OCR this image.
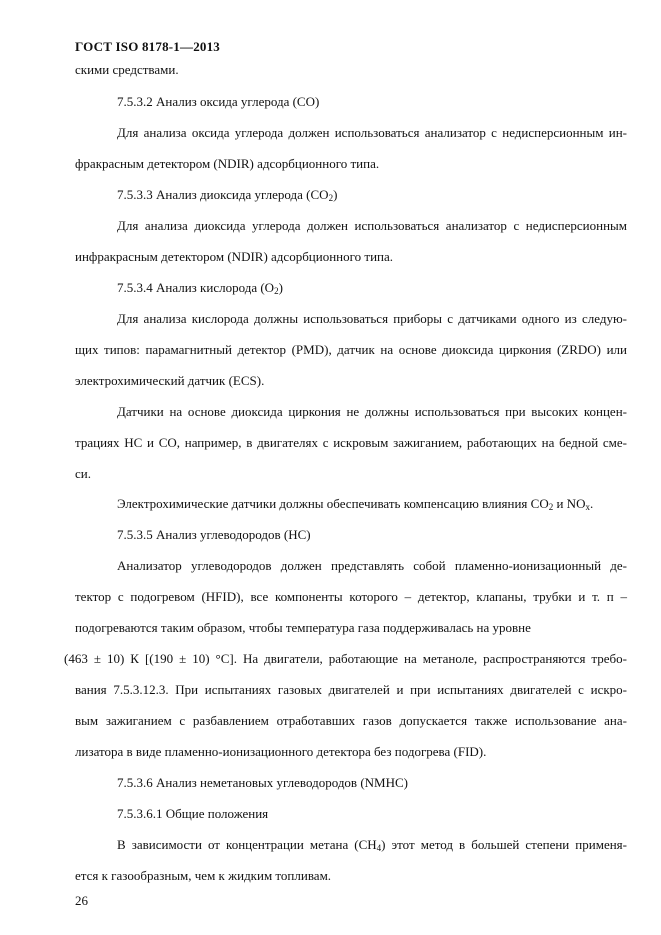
ГОСТ ISO 8178-1—2013
скими средствами.
7.5.3.2 Анализ оксида углерода (CO)
Для анализа оксида углерода должен использоваться анализатор с недисперсионным ин-
фракрасным детектором (NDIR) адсорбционного типа.
7.5.3.3 Анализ диоксида углерода $(CO_2)$
Для анализа диоксида углерода должен использоваться анализатор с недисперсионным
инфракрасным детектором (NDIR) адсорбционного типа.
7.5.3.4 Анализ кислорода $(O_2)$
Для анализа кислорода должны использоваться приборы с датчиками одного из следую-
щих типов: парамагнитный детектор (PMD), датчик на основе диоксида циркония (ZRDO) или
электрохимический датчик (ECS).
Датчики на основе диоксида циркония не должны использоваться при высоких концен-
трациях НС и СО, например, в двигателях с искровым зажиганием, работающих на бедной сме-
си.
Электрохимические датчики должны обеспечивать компенсацию влияния $CO_2$ и $NO_x$.
7.5.3.5 Анализ углеводородов (НС)
Анализатор углеводородов должен представлять собой пламенно-ионизационный де-
тектор с подогревом (HFID), все компоненты которого – детектор, клапаны, трубки и т. п –
подогреваются таким образом, чтобы температура газа поддерживалась на уровне
(463 ± 10) К [(190 ± 10) °С]. На двигатели, работающие на метаноле, распространяются требо-
вания 7.5.3.12.3. При испытаниях газовых двигателей и при испытаниях двигателей с искро-
вым зажиганием с разбавлением отработавших газов допускается также использование ана-
лизатора в виде пламенно-ионизационного детектора без подогрева (FID).
7.5.3.6 Анализ неметановых углеводородов (NMHC)
7.5.3.6.1 Общие положения
В зависимости от концентрации метана $(CH_4)$ этот метод в большей степени применя-
ется к газообразным, чем к жидким топливам.
26
